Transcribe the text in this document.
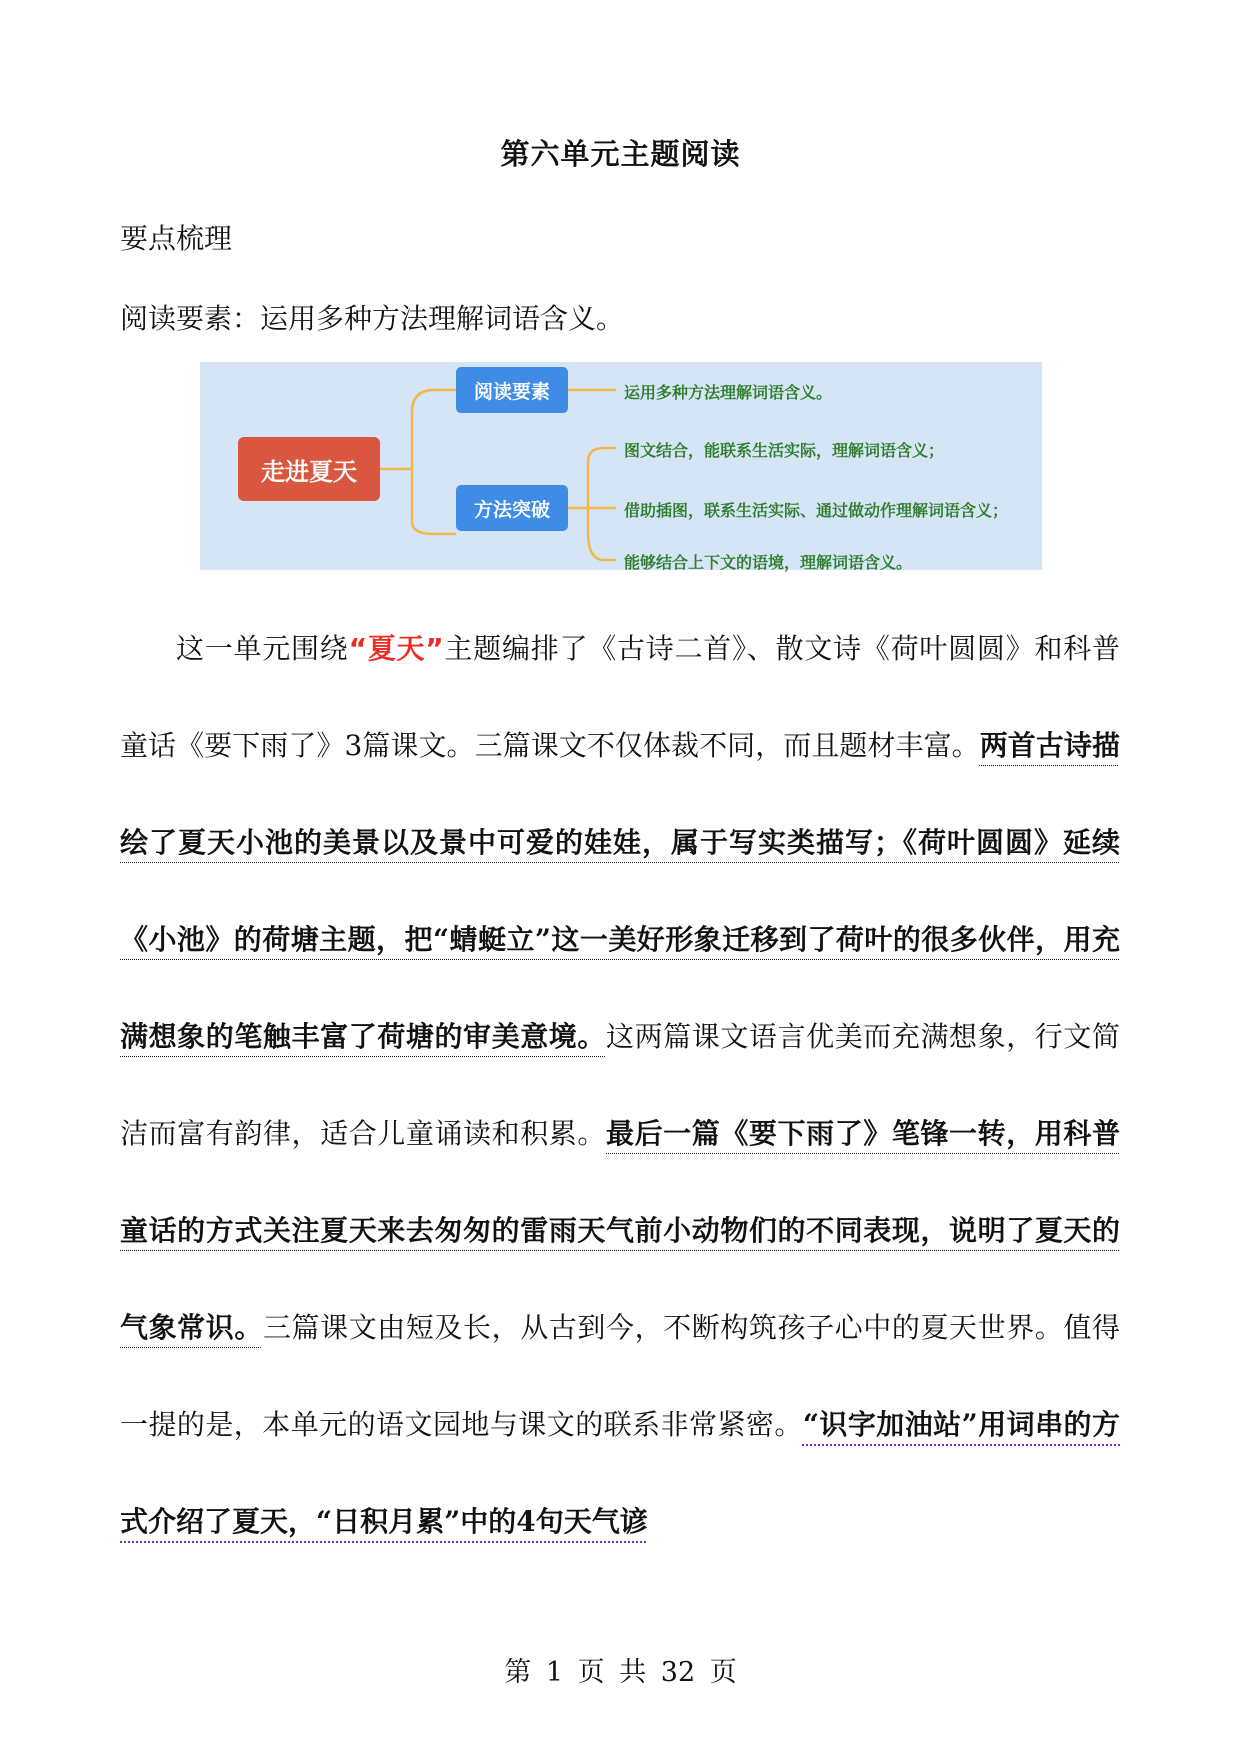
第六单元主题阅读
要点梳理
阅读要素：运用多种方法理解词语含义。
走进夏天
阅读要素
方法突破
运用多种方法理解词语含义。
图文结合，能联系生活实际，理解词语含义；
借助插图，联系生活实际、通过做动作理解词语含义；
能够结合上下文的语境，理解词语含义。
这一单元围绕“夏天”主题编排了《古诗二首》、散文诗《荷叶圆圆》和科普童话《要下雨了》3篇课文。三篇课文不仅体裁不同，而且题材丰富。两首古诗描绘了夏天小池的美景以及景中可爱的娃娃，属于写实类描写；《荷叶圆圆》延续《小池》的荷塘主题，把“蜻蜓立”这一美好形象迁移到了荷叶的很多伙伴，用充满想象的笔触丰富了荷塘的审美意境。这两篇课文语言优美而充满想象，行文简洁而富有韵律，适合儿童诵读和积累。最后一篇《要下雨了》笔锋一转，用科普童话的方式关注夏天来去匆匆的雷雨天气前小动物们的不同表现，说明了夏天的气象常识。三篇课文由短及长，从古到今，不断构筑孩子心中的夏天世界。值得一提的是，本单元的语文园地与课文的联系非常紧密。“识字加油站”用词串的方式介绍了夏天，“日积月累”中的4句天气谚
第 1 页 共 32 页
